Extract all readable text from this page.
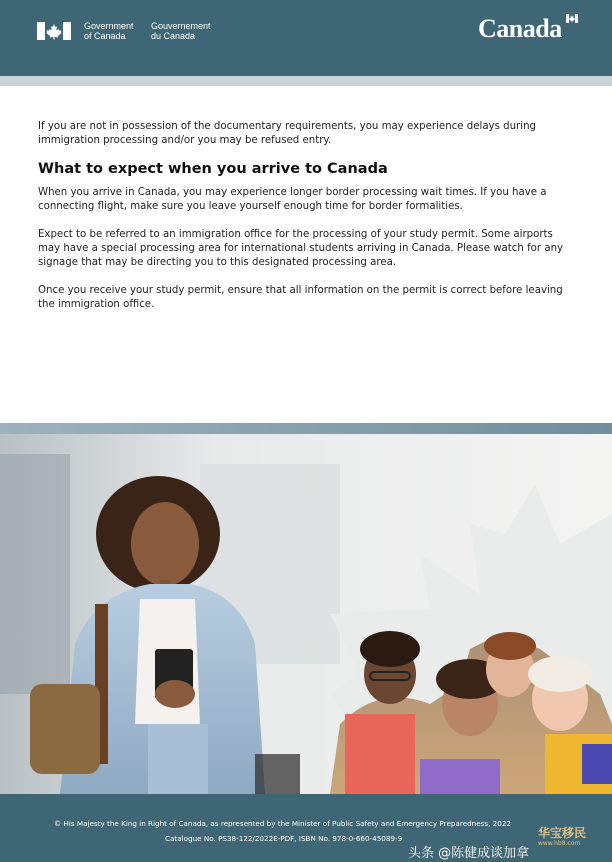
Government
of Canada
Gouvernement
du Canada	Canada

If you are not in possession of the documentary requirements, you may experience delays during immigration processing and/or you may be refused entry.

What to expect when you arrive to Canada

When you arrive in Canada, you may experience longer border processing wait times. If you have a connecting flight, make sure you leave yourself enough time for border formalities.

Expect to be referred to an immigration office for the processing of your study permit. Some airports may have a special processing area for international students arriving in Canada. Please watch for any signage that may be directing you to this designated processing area.

Once you receive your study permit, ensure that all information on the permit is correct before leaving the immigration office.

© His Majesty the King in Right of Canada, as represented by the Minister of Public Safety and Emergency Preparedness, 2022
Catalogue No. PS38-122/2022E-PDF, ISBN No. 978-0-660-45089-9	华宝移民
www.hb8.com
头条 @陈健成谈加拿
